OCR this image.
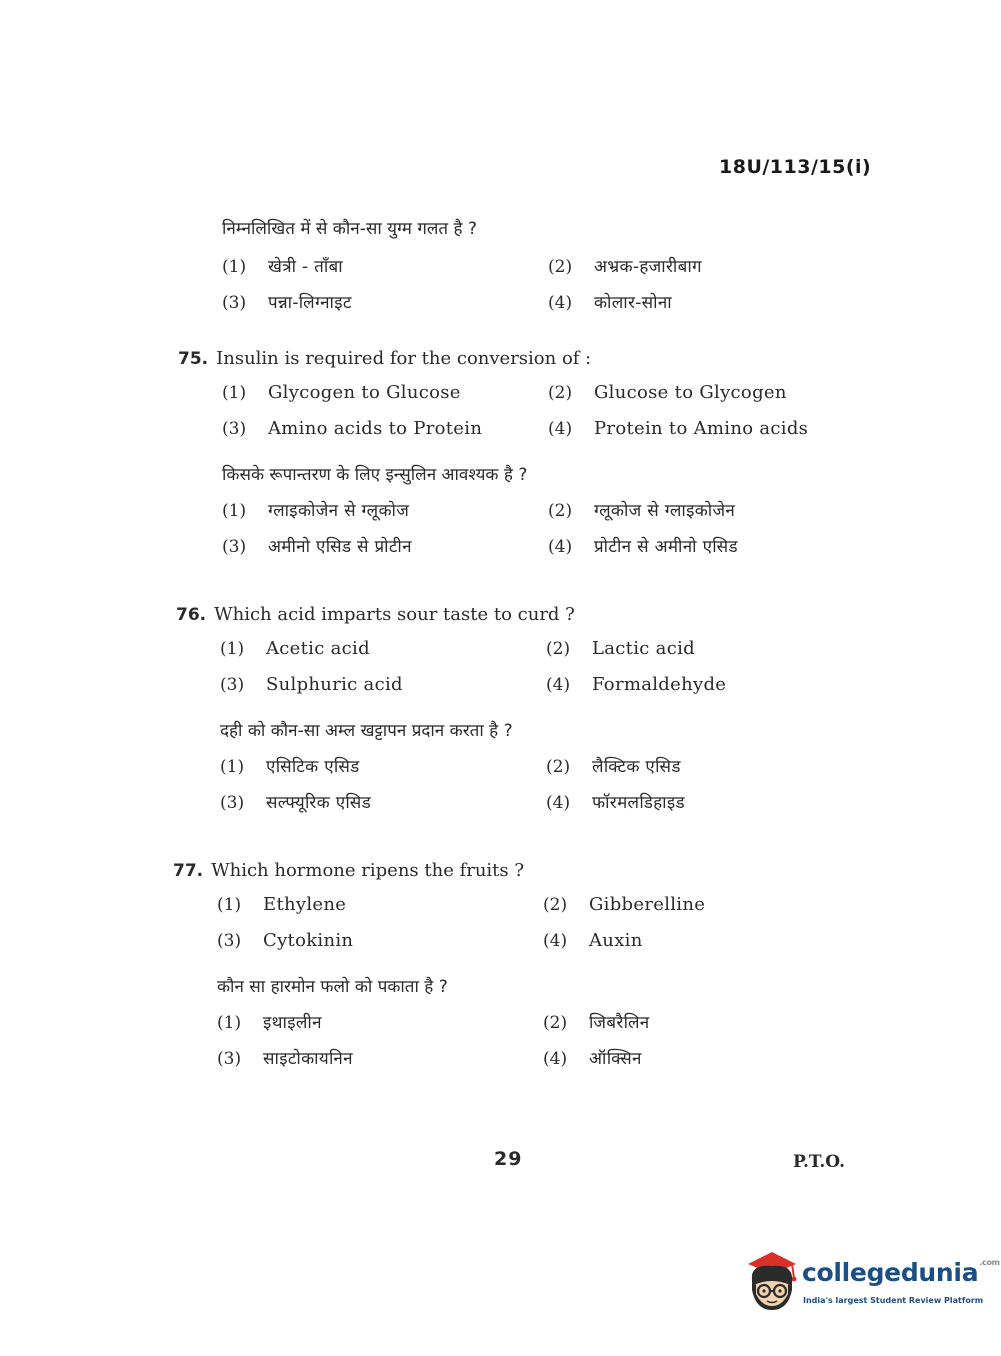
18U/113/15(i)
निम्नलिखित में से कौन-सा युग्म गलत है ?
(1) खेत्री - ताँबा	(2) अभ्रक-हजारीबाग
(3) पन्ना-लिग्नाइट	(4) कोलार-सोना
75. Insulin is required for the conversion of :
(1) Glycogen to Glucose	(2) Glucose to Glycogen
(3) Amino acids to Protein	(4) Protein to Amino acids
किसके रूपान्तरण के लिए इन्सुलिन आवश्यक है ?
(1) ग्लाइकोजेन से ग्लूकोज	(2) ग्लूकोज से ग्लाइकोजेन
(3) अमीनो एसिड से प्रोटीन	(4) प्रोटीन से अमीनो एसिड
76. Which acid imparts sour taste to curd ?
(1) Acetic acid	(2) Lactic acid
(3) Sulphuric acid	(4) Formaldehyde
दही को कौन-सा अम्ल खट्टापन प्रदान करता है ?
(1) एसिटिक एसिड	(2) लैक्टिक एसिड
(3) सल्फ्यूरिक एसिड	(4) फॉरमलडिहाइड
77. Which hormone ripens the fruits ?
(1) Ethylene	(2) Gibberelline
(3) Cytokinin	(4) Auxin
कौन सा हारमोन फलो को पकाता है ?
(1) इथाइलीन	(2) जिबरैलिन
(3) साइटोकायनिन	(4) ऑक्सिन
29	P.T.O.
collegedunia$^{.com}$
India's largest Student Review Platform
